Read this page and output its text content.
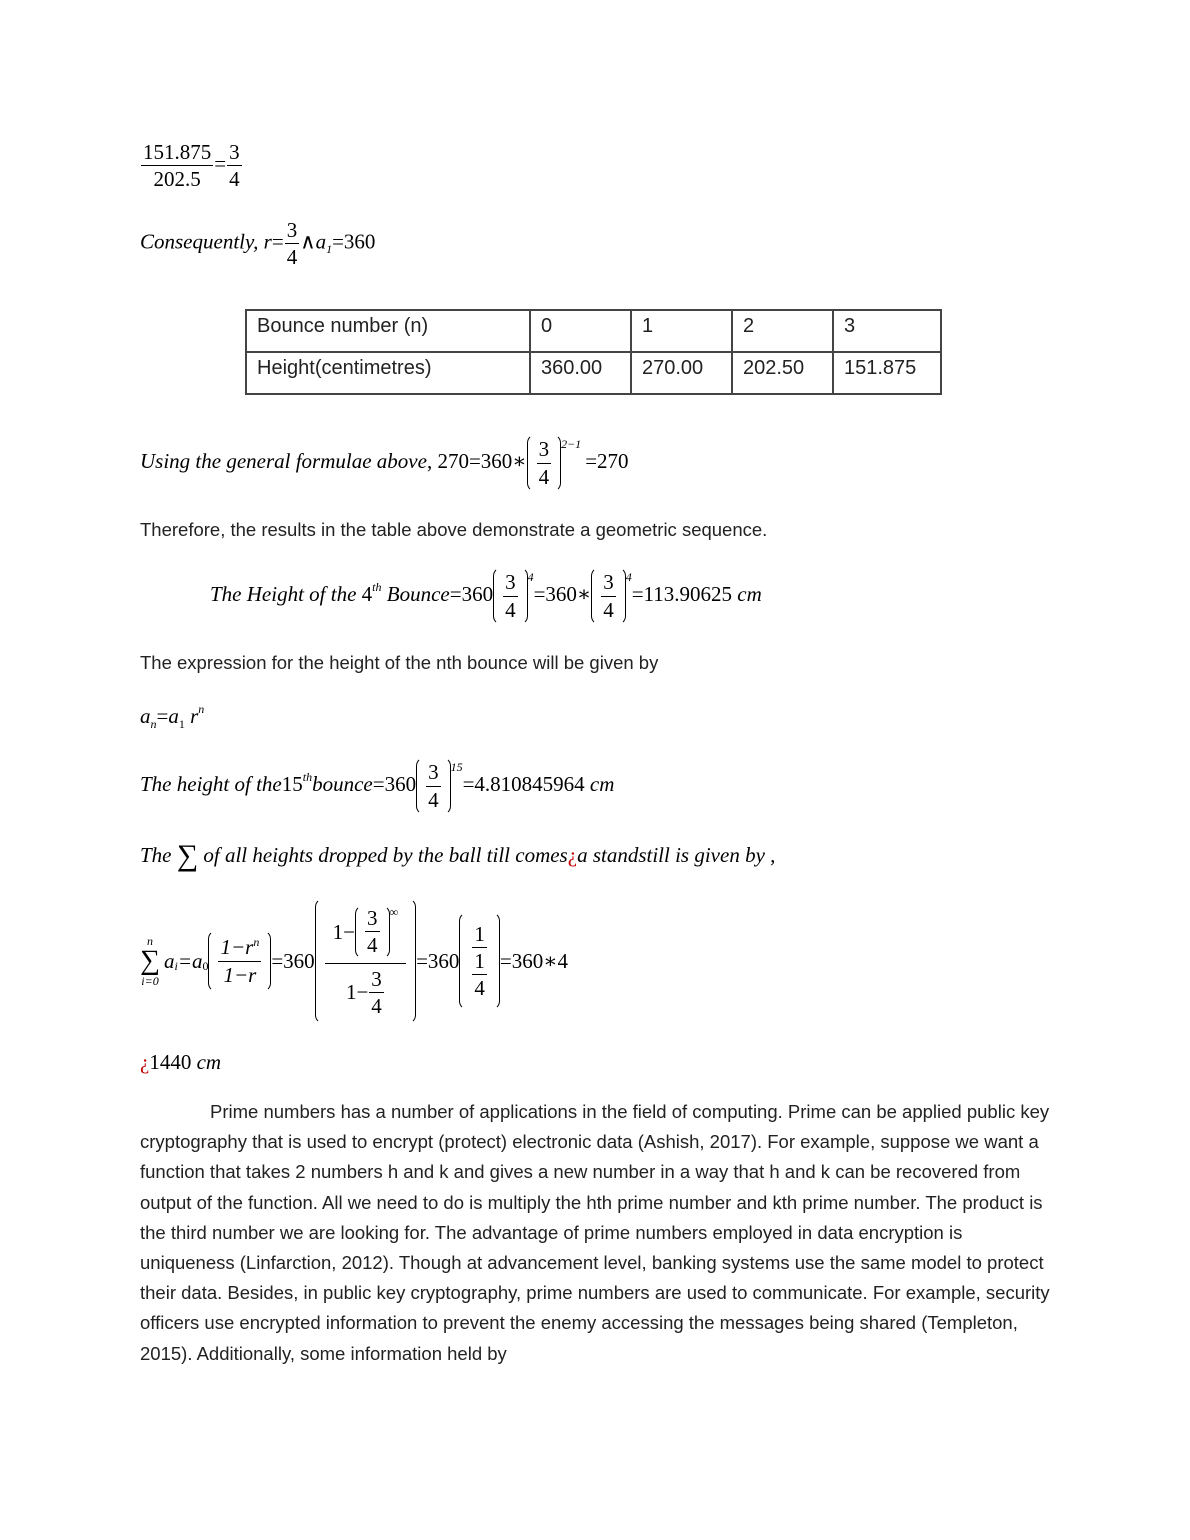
$\frac{151.875}{202.5} = \frac{3}{4}$
Consequently, $r= \frac{3}{4}$ $\wedge a_1=360$
Bounce number (n)	0	1	2	3
Height(centimetres)	360.00	270.00	202.50	151.875
Using the general formulae above, 270=360∗ $\frac{3}{4} ^{2-1}=270$
Therefore, the results in the table above demonstrate a geometric sequence.
The Height of the 4th Bounce=360 $\frac{3}{4}$ $^4$=360∗ $\frac{3}{4} ^4=113.90625$ cm
The expression for the height of the nth bounce will be given by
$a_n=a_1$ $r^n$
The height of the15thbounce=360 $\frac{3}{4} ^{15}=4.810845964$ cm
The ∑ of all heights dropped by the ball till comes¿a standstill is given by ,
n
∑
i=0
a i =a $0 \frac{1-r^n}{1-r} =360 \frac{1- \frac{3}{4} \infty}{1- \frac{3}{4}} =360 \frac{1}{\frac{1}{4}}$ =360∗4
¿1440 cm
Prime numbers has a number of applications in the field of computing. Prime can be applied public key cryptography that is used to encrypt (protect) electronic data (Ashish, 2017). For example, suppose we want a function that takes 2 numbers h and k and gives a new number in a way that h and k can be recovered from output of the function. All we need to do is multiply the hth prime number and kth prime number. The product is the third number we are looking for. The advantage of prime numbers employed in data encryption is uniqueness (Linfarction, 2012). Though at advancement level, banking systems use the same model to protect their data. Besides, in public key cryptography, prime numbers are used to communicate. For example, security officers use encrypted information to prevent the enemy accessing the messages being shared (Templeton, 2015). Additionally, some information held by
